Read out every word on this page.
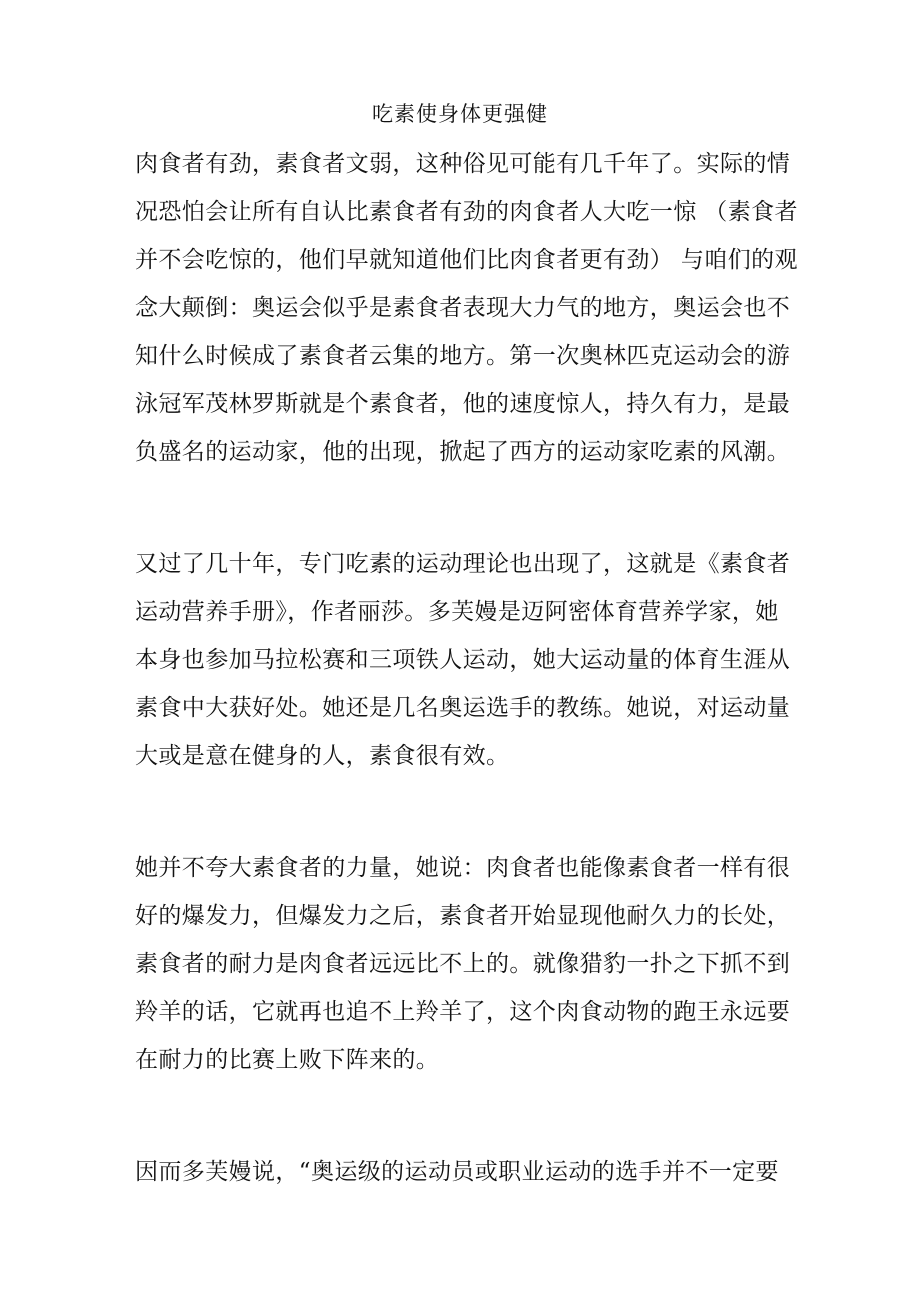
吃素使身体更强健

肉食者有劲，素食者文弱，这种俗见可能有几千年了。实际的情
况恐怕会让所有自认比素食者有劲的肉食者人大吃一惊 （素食者
并不会吃惊的，他们早就知道他们比肉食者更有劲） 与咱们的观
念大颠倒：奥运会似乎是素食者表现大力气的地方，奥运会也不
知什么时候成了素食者云集的地方。第一次奥林匹克运动会的游
泳冠军茂林罗斯就是个素食者，他的速度惊人，持久有力，是最
负盛名的运动家，他的出现，掀起了西方的运动家吃素的风潮。

又过了几十年，专门吃素的运动理论也出现了，这就是《素食者
运动营养手册》，作者丽莎。多芙嫚是迈阿密体育营养学家，她
本身也参加马拉松赛和三项铁人运动，她大运动量的体育生涯从
素食中大获好处。她还是几名奥运选手的教练。她说，对运动量
大或是意在健身的人，素食很有效。

她并不夸大素食者的力量，她说：肉食者也能像素食者一样有很
好的爆发力，但爆发力之后，素食者开始显现他耐久力的长处，
素食者的耐力是肉食者远远比不上的。就像猎豹一扑之下抓不到
羚羊的话，它就再也追不上羚羊了，这个肉食动物的跑王永远要
在耐力的比赛上败下阵来的。

因而多芙嫚说，“奥运级的运动员或职业运动的选手并不一定要
